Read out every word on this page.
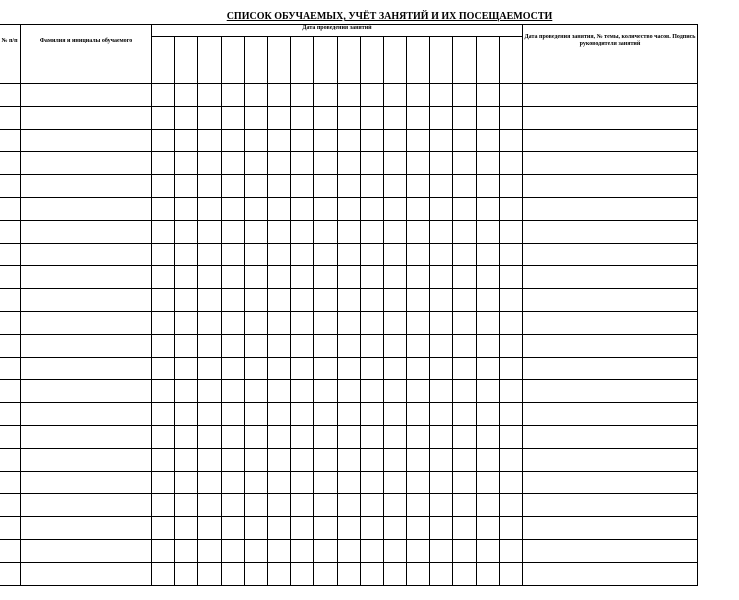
СПИСОК ОБУЧАЕМЫХ, УЧЁТ ЗАНЯТИЙ И ИХ ПОСЕЩАЕМОСТИ
№ п/п	Фамилия и инициалы обучаемого	Дата проведения занятий																Дата проведения занятия, № темы, количество часов. Подпись руководителя занятий
